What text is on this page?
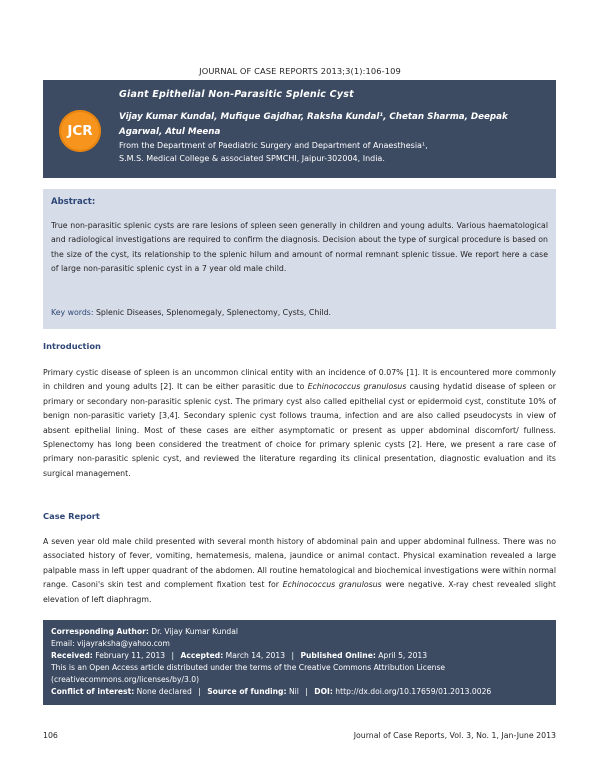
JOURNAL OF CASE REPORTS 2013;3(1):106-109
JCR
Giant Epithelial Non-Parasitic Splenic Cyst
Vijay Kumar Kundal, Mufique Gajdhar, Raksha Kundal¹, Chetan Sharma, Deepak Agarwal, Atul Meena
From the Department of Paediatric Surgery and Department of Anaesthesia¹,
S.M.S. Medical College & associated SPMCHI, Jaipur-302004, India.
Abstract:
True non-parasitic splenic cysts are rare lesions of spleen seen generally in children and young adults. Various haematological and radiological investigations are required to confirm the diagnosis. Decision about the type of surgical procedure is based on the size of the cyst, its relationship to the splenic hilum and amount of normal remnant splenic tissue. We report here a case of large non-parasitic splenic cyst in a 7 year old male child.
Key words: Splenic Diseases, Splenomegaly, Splenectomy, Cysts, Child.
Introduction
Primary cystic disease of spleen is an uncommon clinical entity with an incidence of 0.07% [1]. It is encountered more commonly in children and young adults [2]. It can be either parasitic due to Echinococcus granulosus causing hydatid disease of spleen or primary or secondary non-parasitic splenic cyst. The primary cyst also called epithelial cyst or epidermoid cyst, constitute 10% of benign non-parasitic variety [3,4]. Secondary splenic cyst follows trauma, infection and are also called pseudocysts in view of absent epithelial lining. Most of these cases are either asymptomatic or present as upper abdominal discomfort/ fullness. Splenectomy has long been considered the treatment of choice for primary splenic cysts [2]. Here, we present a rare case of primary non-parasitic splenic cyst, and reviewed the literature regarding its clinical presentation, diagnostic evaluation and its surgical management.
Case Report
A seven year old male child presented with several month history of abdominal pain and upper abdominal fullness. There was no associated history of fever, vomiting, hematemesis, malena, jaundice or animal contact. Physical examination revealed a large palpable mass in left upper quadrant of the abdomen. All routine hematological and biochemical investigations were within normal range. Casoni's skin test and complement fixation test for Echinococcus granulosus were negative. X-ray chest revealed slight elevation of left diaphragm.
Corresponding Author: Dr. Vijay Kumar Kundal
Email: vijayraksha@yahoo.com
Received: February 11, 2013 | Accepted: March 14, 2013 | Published Online: April 5, 2013
This is an Open Access article distributed under the terms of the Creative Commons Attribution License
(creativecommons.org/licenses/by/3.0)
Conflict of interest: None declared | Source of funding: Nil | DOI: http://dx.doi.org/10.17659/01.2013.0026
106	Journal of Case Reports, Vol. 3, No. 1, Jan-June 2013
